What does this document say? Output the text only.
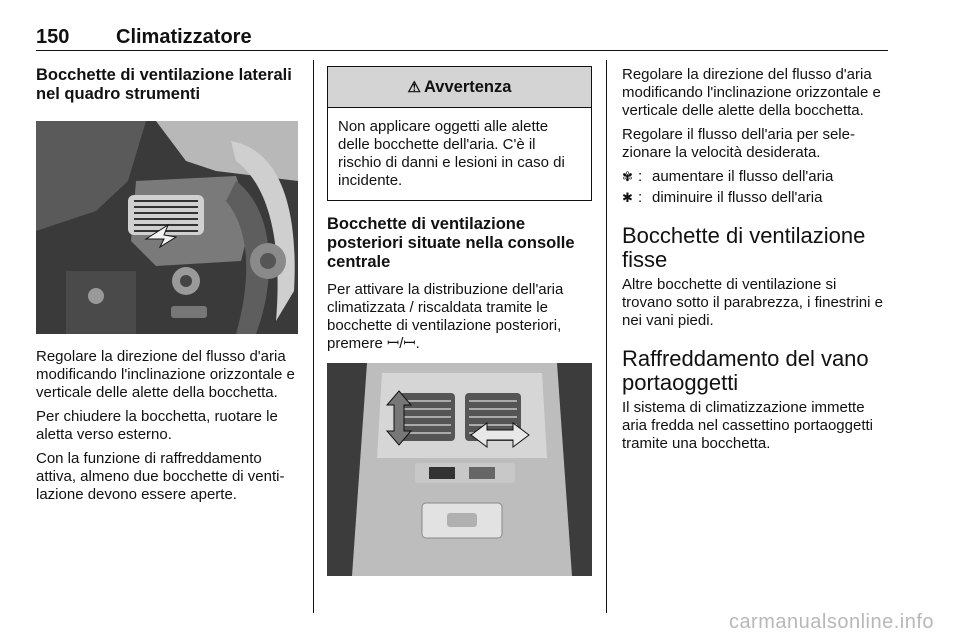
150 Climatizzatore
Bocchette di ventilazione laterali nel quadro strumenti

Regolare la direzione del flusso d'aria modificando l'inclinazione orizzontale e verticale delle alette della bocchetta.

Per chiudere la bocchetta, ruotare le aletta verso esterno.

Con la funzione di raffreddamento attiva, almeno due bocchette di venti-lazione devono essere aperte.

⚠ Avvertenza

Non applicare oggetti alle alette delle bocchette dell'aria. C'è il rischio di danni e lesioni in caso di incidente.

Bocchette di ventilazione posteriori situate nella consolle centrale

Per attivare la distribuzione dell'aria climatizzata / riscaldata tramite le bocchette di ventilazione posteriori, premere ꟷ/ꟷ.

Regolare la direzione del flusso d'aria modificando l'inclinazione orizzontale e verticale delle alette della bocchetta.

Regolare il flusso dell'aria per sele-zionare la velocità desiderata.

✾ : aumentare il flusso dell'aria
✱ : diminuire il flusso dell'aria
Bocchette di ventilazione fisse

Altre bocchette di ventilazione si trovano sotto il parabrezza, i finestrini e nei vani piedi.

Raffreddamento del vano portaoggetti

Il sistema di climatizzazione immette aria fredda nel cassettino portaoggetti tramite una bocchetta.

carmanualsonline.info
